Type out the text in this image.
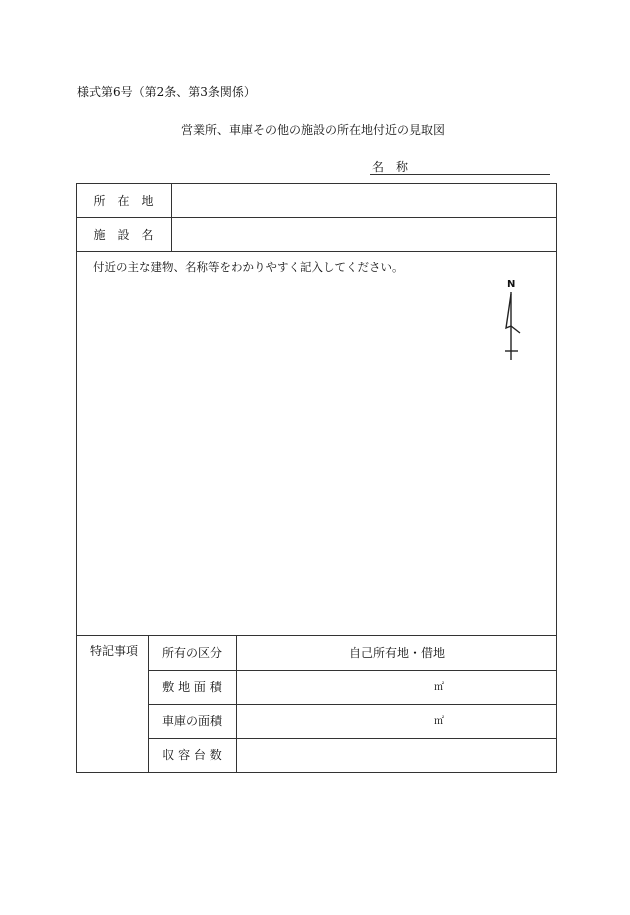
様式第6号（第2条、第3条関係）
営業所、車庫その他の施設の所在地付近の見取図
名　称
所　在　地
施　設　名
付近の主な建物、名称等をわかりやすく記入してください。
N
特記事項	所有の区分	自己所有地・借地
敷 地 面 積	㎡
車庫の面積	㎡
収 容 台 数
